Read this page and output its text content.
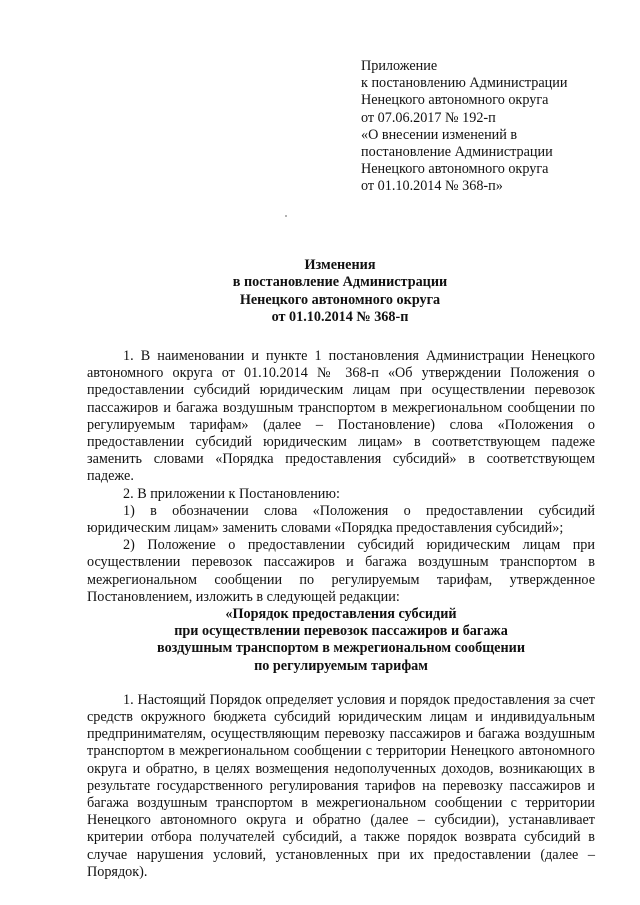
Приложение
к постановлению Администрации
Ненецкого автономного округа
от 07.06.2017 № 192-п
«О внесении изменений в
постановление Администрации
Ненецкого автономного округа
от 01.10.2014 № 368-п»
Изменения
в постановление Администрации
Ненецкого автономного округа
от 01.10.2014 № 368-п

1. В наименовании и пункте 1 постановления Администрации Ненецкого автономного округа от 01.10.2014 № 368-п «Об утверждении Положения о предоставлении субсидий юридическим лицам при осуществлении перевозок пассажиров и багажа воздушным транспортом в межрегиональном сообщении по регулируемым тарифам» (далее – Постановление) слова «Положения о предоставлении субсидий юридическим лицам» в соответствующем падеже заменить словами «Порядка предоставления субсидий» в соответствующем падеже.

2. В приложении к Постановлению:

1) в обозначении слова «Положения о предоставлении субсидий юридическим лицам» заменить словами «Порядка предоставления субсидий»;

2) Положение о предоставлении субсидий юридическим лицам при осуществлении перевозок пассажиров и багажа воздушным транспортом в межрегиональном сообщении по регулируемым тарифам, утвержденное Постановлением, изложить в следующей редакции:

«Порядок предоставления субсидий
при осуществлении перевозок пассажиров и багажа
воздушным транспортом в межрегиональном сообщении
по регулируемым тарифам

1. Настоящий Порядок определяет условия и порядок предоставления за счет средств окружного бюджета субсидий юридическим лицам и индивидуальным предпринимателям, осуществляющим перевозку пассажиров и багажа воздушным транспортом в межрегиональном сообщении с территории Ненецкого автономного округа и обратно, в целях возмещения недополученных доходов, возникающих в результате государственного регулирования тарифов на перевозку пассажиров и багажа воздушным транспортом в межрегиональном сообщении с территории Ненецкого автономного округа и обратно (далее – субсидии), устанавливает критерии отбора получателей субсидий, а также порядок возврата субсидий в случае нарушения условий, установленных при их предоставлении (далее – Порядок).
